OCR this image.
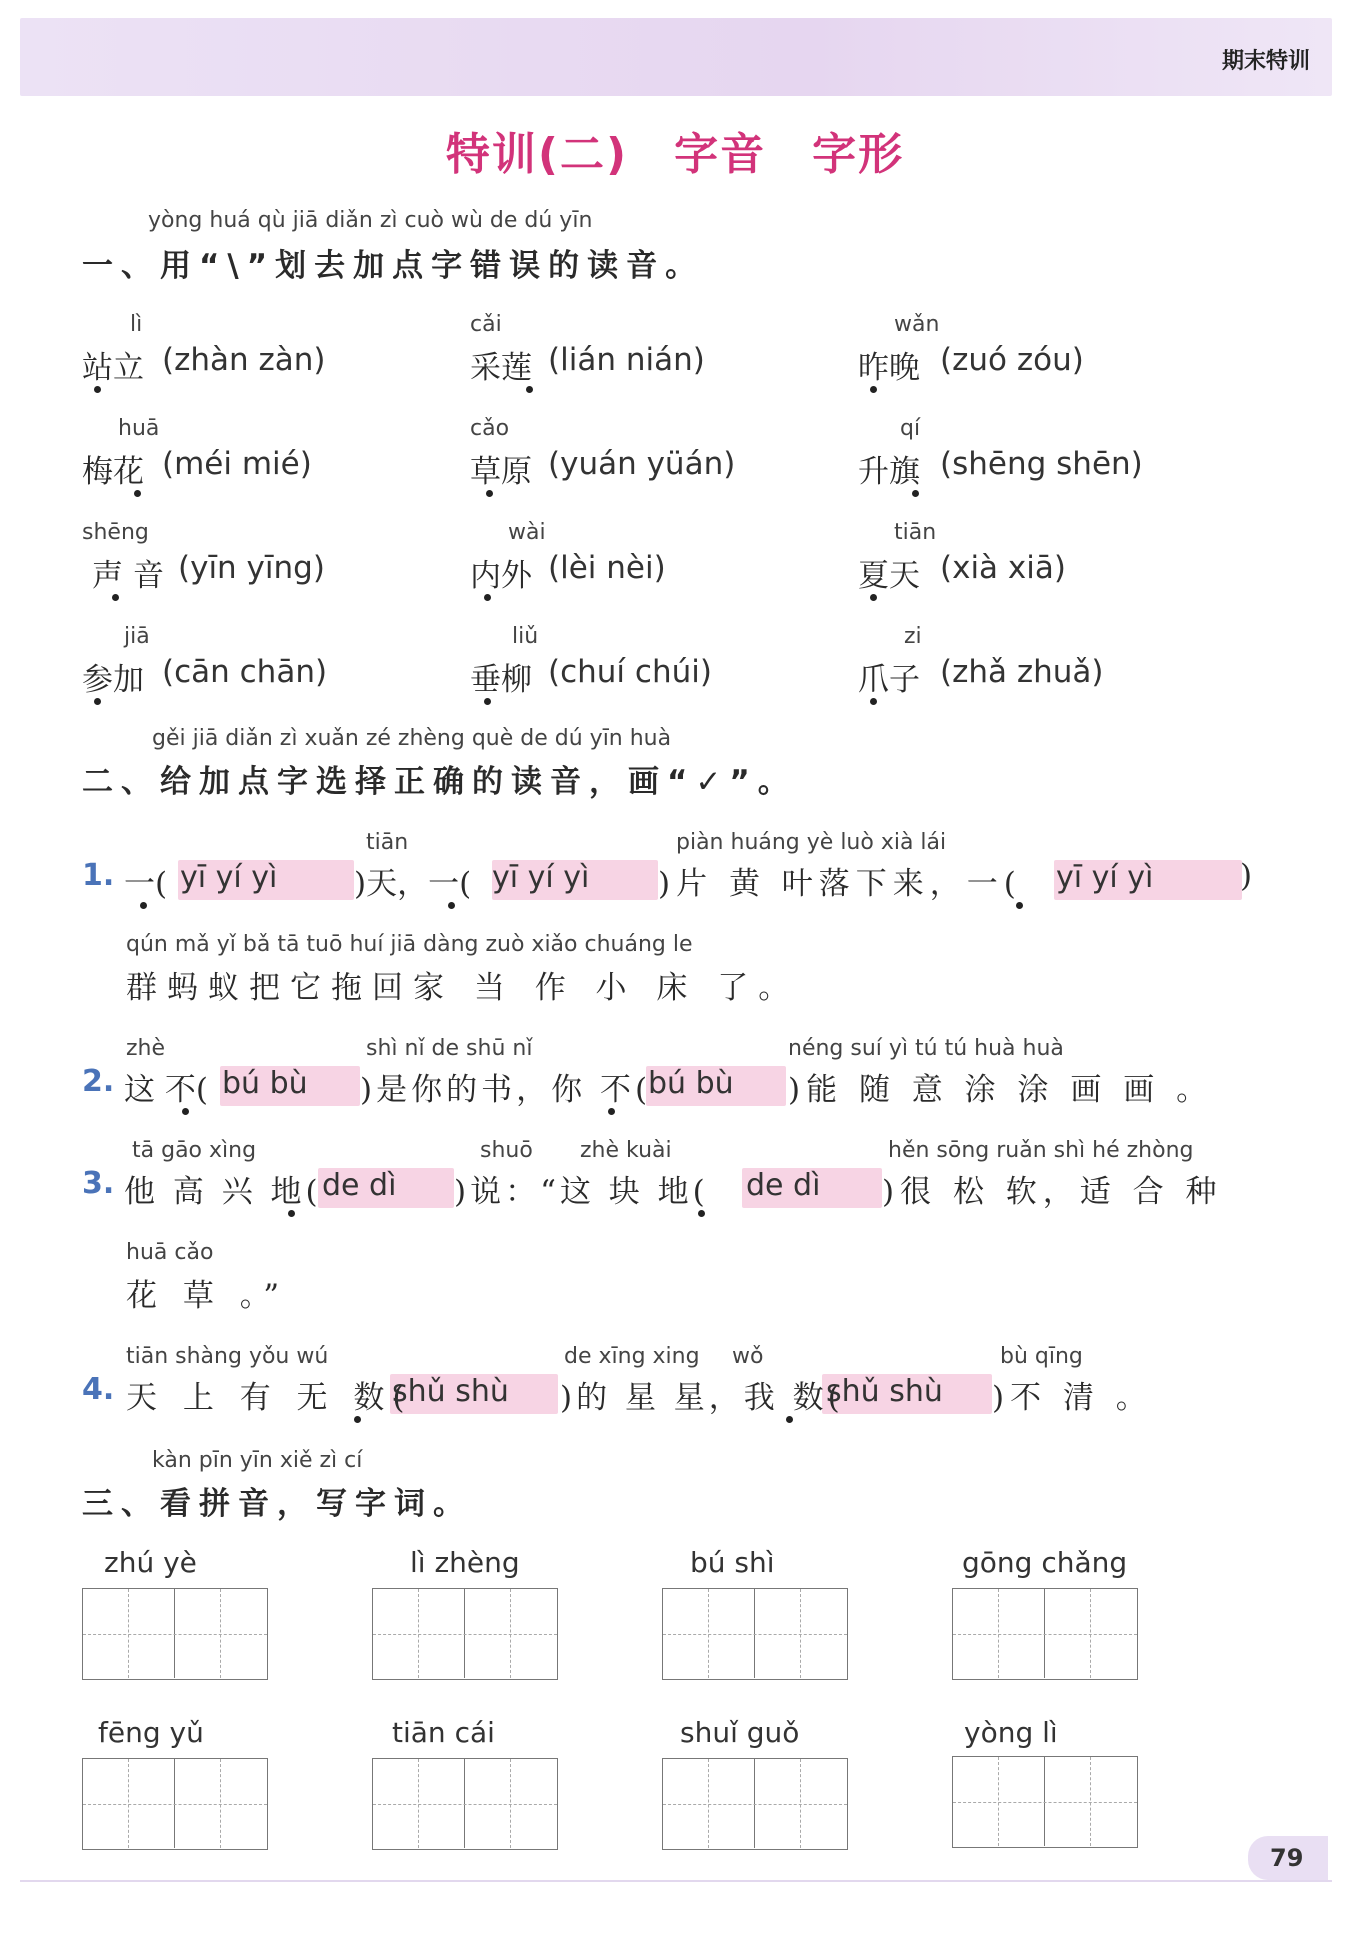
期末特训
特训(二) 字音 字形
yòng huá qù jiā diǎn zì cuò wù de dú yīn
一、用“\”划去加点字错误的读音。
lì
站立 (zhàn zàn)
cǎi
采莲 (lián nián)
wǎn
昨晚 (zuó zóu)
huā
梅花 (méi mié)
cǎo
草原 (yuán yüán)
qí
升旗 (shēng shēn)
shēng
声音 (yīn yīng)
wài
内外 (lèi nèi)
tiān
夏天 (xià xiā)
jiā
参加 (cān chān)
liǔ
垂柳 (chuí chúi)
zi
爪子 (zhǎ zhuǎ)
gěi jiā diǎn zì xuǎn zé zhèng què de dú yīn huà
二、给加点字选择正确的读音，画“✓”。
tiān	piàn huáng yè luò xià lái
1. 一( yī yí yì )天，一( yī yí yì )片 黄 叶落下来，一( yī yí yì	)
qún mǎ yǐ bǎ tā tuō huí jiā dàng zuò xiǎo chuáng le
群蚂蚁把它拖回家 当 作 小 床 了。
zhè	shì nǐ de shū nǐ	néng suí yì tú tú huà huà
2. 这 不( bú bù )是你的书，你 不(
bú bù )能 随 意 涂 涂 画 画 。
tā gāo xìng	shuō zhè kuài	hěn sōng ruǎn shì hé zhòng
3. 他 高 兴 地( de dì )说：“这 块 地( de dì )很 松 软，适 合 种
huā cǎo
花 草 。”
tiān shàng yǒu wú	de xīng xing wǒ	bù qīng
4. 天 上 有 无 数(
shǔ shù )的 星 星，我 数(
shǔ shù )不 清 。
kàn pīn yīn xiě zì cí
三、看拼音，写字词。
zhú yè	lì zhèng	bú shì	gōng chǎng
fēng yǔ	tiān cái	shuǐ guǒ	yòng lì
79
